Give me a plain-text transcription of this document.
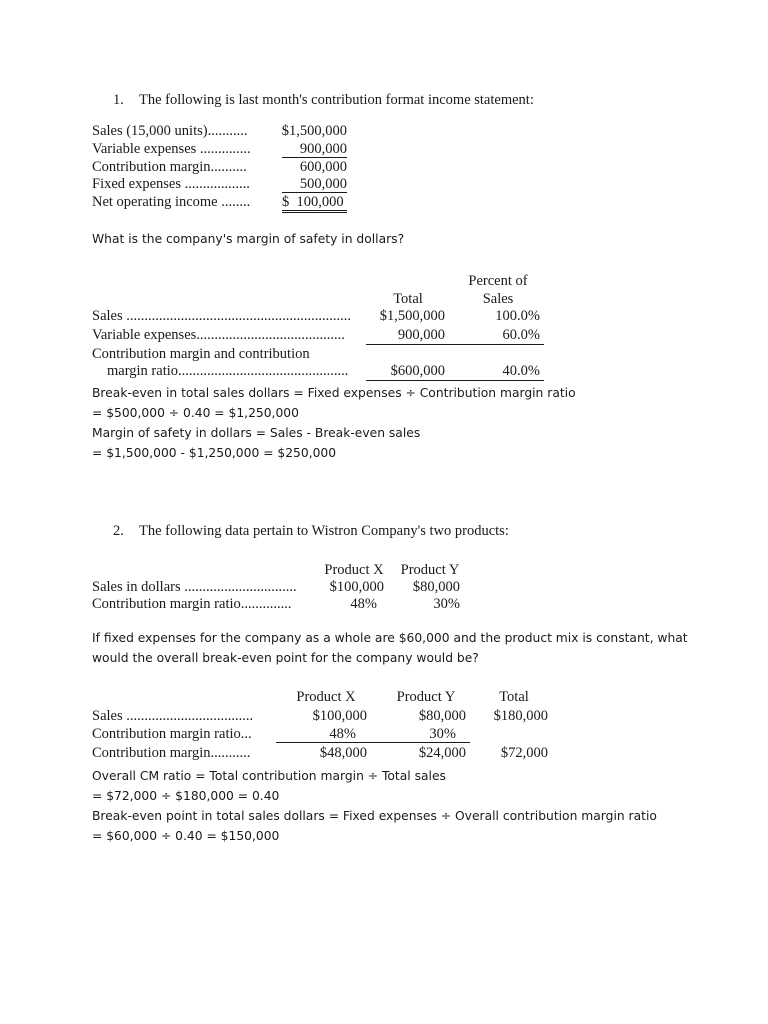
1. The following is last month's contribution format income statement:
Sales (15,000 units)...........	$1,500,000
Variable expenses ..............	900,000
Contribution margin..........	600,000
Fixed expenses ..................	500,000
Net operating income ........ $  100,000
What is the company's margin of safety in dollars?
Percent of
Total	Sales
Sales ..............................................................	$1,500,000	100.0%
Variable expenses.........................................	900,000	60.0%
Contribution margin and contribution
margin ratio...............................................	$600,000	40.0%
Break-even in total sales dollars = Fixed expenses ÷ Contribution margin ratio
= $500,000 ÷ 0.40 = $1,250,000
Margin of safety in dollars = Sales - Break-even sales
= $1,500,000 - $1,250,000 = $250,000
2. The following data pertain to Wistron Company's two products:
Product X	Product Y
Sales in dollars ...............................	$100,000	$80,000
Contribution margin ratio..............	48%	30%
If fixed expenses for the company as a whole are $60,000 and the product mix is constant, what
would the overall break-even point for the company would be?
Product X	Product Y	Total
Sales ...................................	$100,000	$80,000	$180,000
Contribution margin ratio...	48%	30%
Contribution margin...........	$48,000	$24,000	$72,000
Overall CM ratio = Total contribution margin ÷ Total sales
= $72,000 ÷ $180,000 = 0.40
Break-even point in total sales dollars = Fixed expenses ÷ Overall contribution margin ratio
= $60,000 ÷ 0.40 = $150,000
